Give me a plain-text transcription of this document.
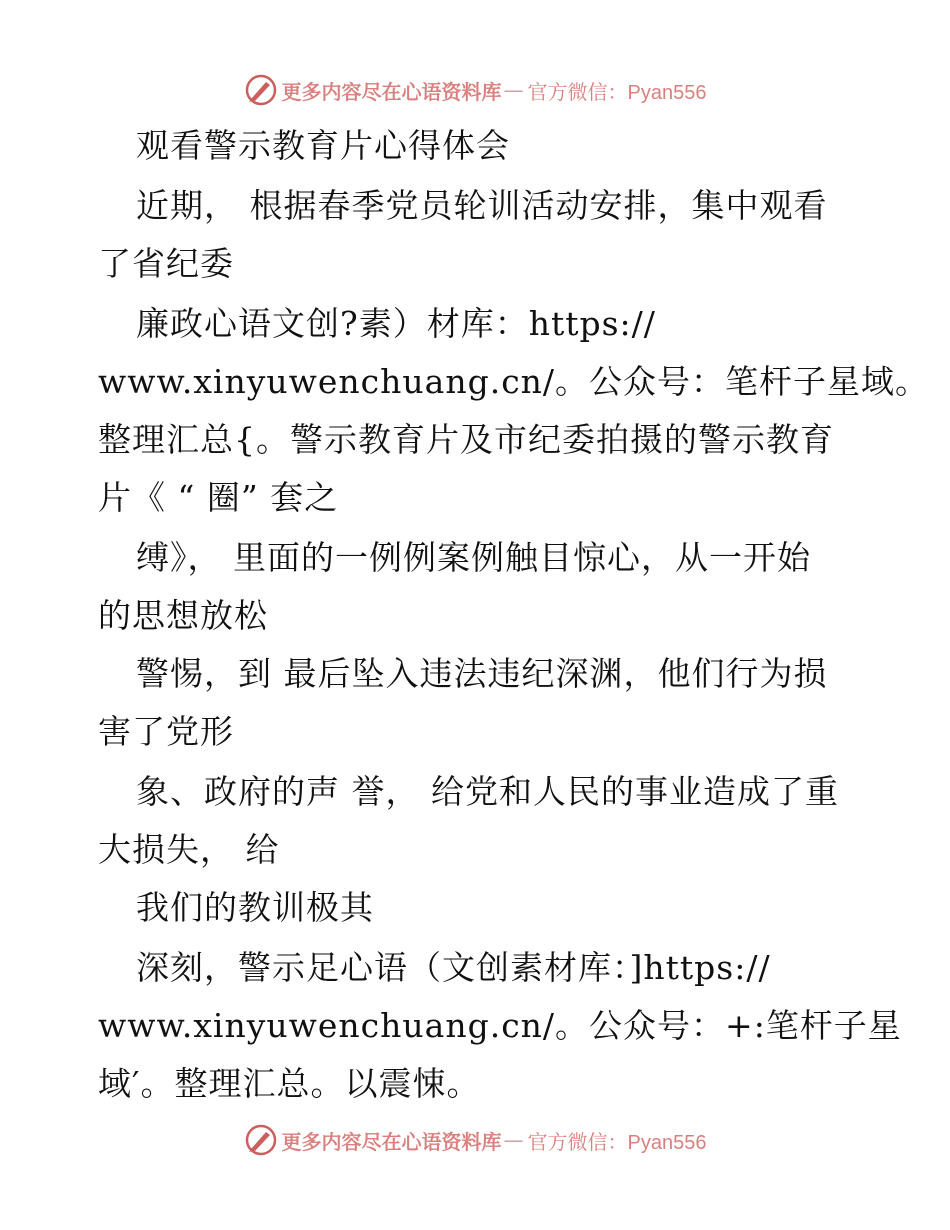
更多内容尽在心语资料库 — 官方微信：Pyan556
观看警示教育片心得体会
近期， 根据春季党员轮训活动安排，集中观看
了省纪委
廉政心语文创?素）材库：https://
www.xinyuwenchuang.cn/。公众号：笔杆子星域。
整理汇总{。警示教育片及市纪委拍摄的警示教育
片《 “ 圈” 套之
缚》， 里面的一例例案例触目惊心，从一开始
的思想放松
警惕，到 最后坠入违法违纪深渊，他们行为损
害了党形
象、政府的声 誉， 给党和人民的事业造成了重
大损失， 给
我们的教训极其
深刻，警示足心语（文创素材库：]https://
www.xinyuwenchuang.cn/。公众号：+:笔杆子星
域′。整理汇总。以震悚。
更多内容尽在心语资料库 — 官方微信：Pyan556
